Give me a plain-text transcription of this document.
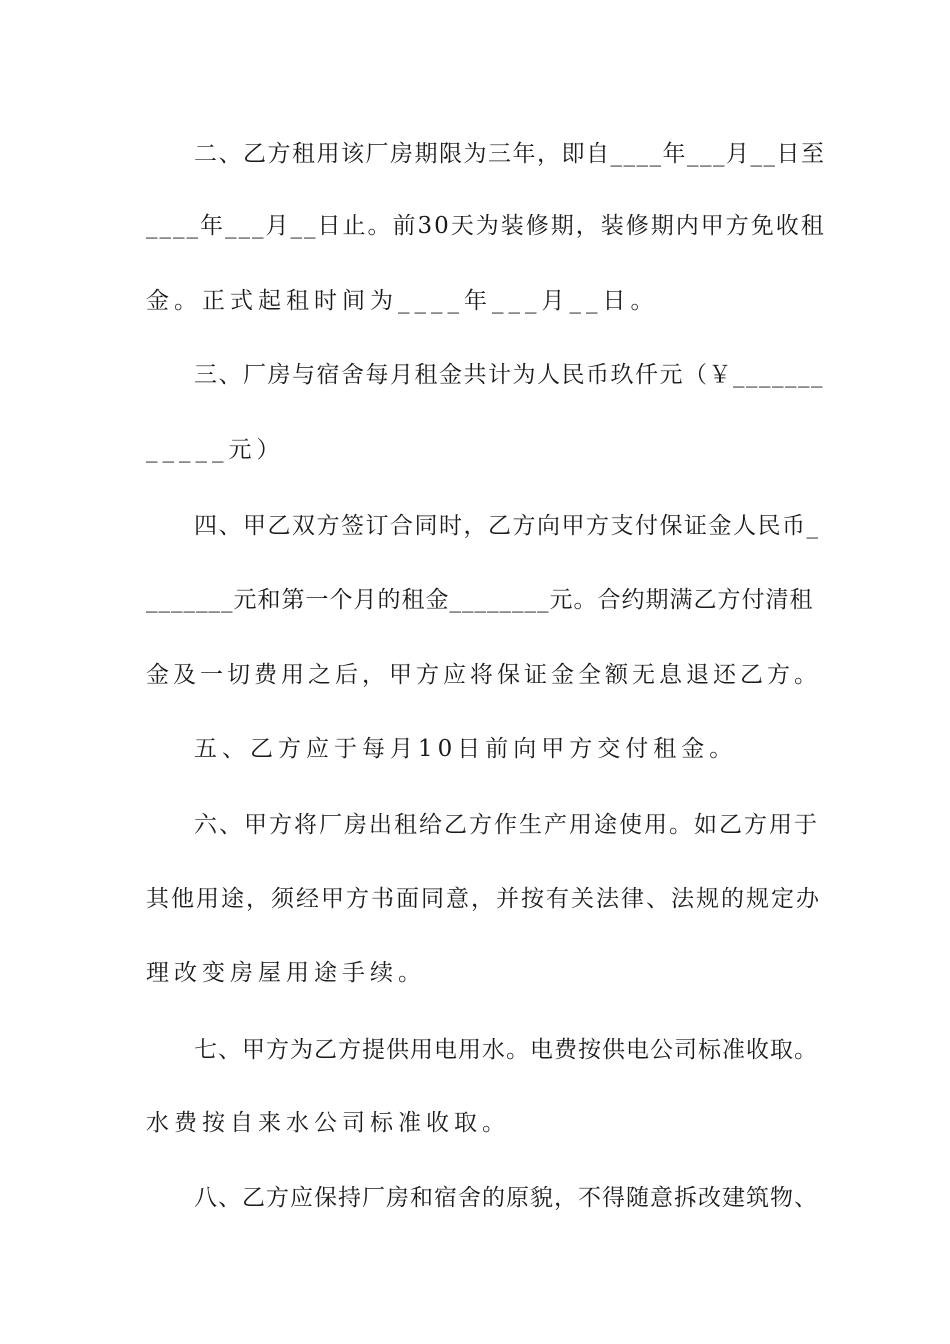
二、乙方租用该厂房期限为三年，即自____年___月__日至
____年___月__日止。前30天为装修期，装修期内甲方免收租
金。正式起租时间为____年___月__日。
三、厂房与宿舍每月租金共计为人民币玖仟元（￥_______
_____元）
四、甲乙双方签订合同时，乙方向甲方支付保证金人民币_
_______元和第一个月的租金________元。合约期满乙方付清租
金及一切费用之后，甲方应将保证金全额无息退还乙方。
五、乙方应于每月10日前向甲方交付租金。
六、甲方将厂房出租给乙方作生产用途使用。如乙方用于
其他用途，须经甲方书面同意，并按有关法律、法规的规定办
理改变房屋用途手续。
七、甲方为乙方提供用电用水。电费按供电公司标准收取。
水费按自来水公司标准收取。
八、乙方应保持厂房和宿舍的原貌，不得随意拆改建筑物、
